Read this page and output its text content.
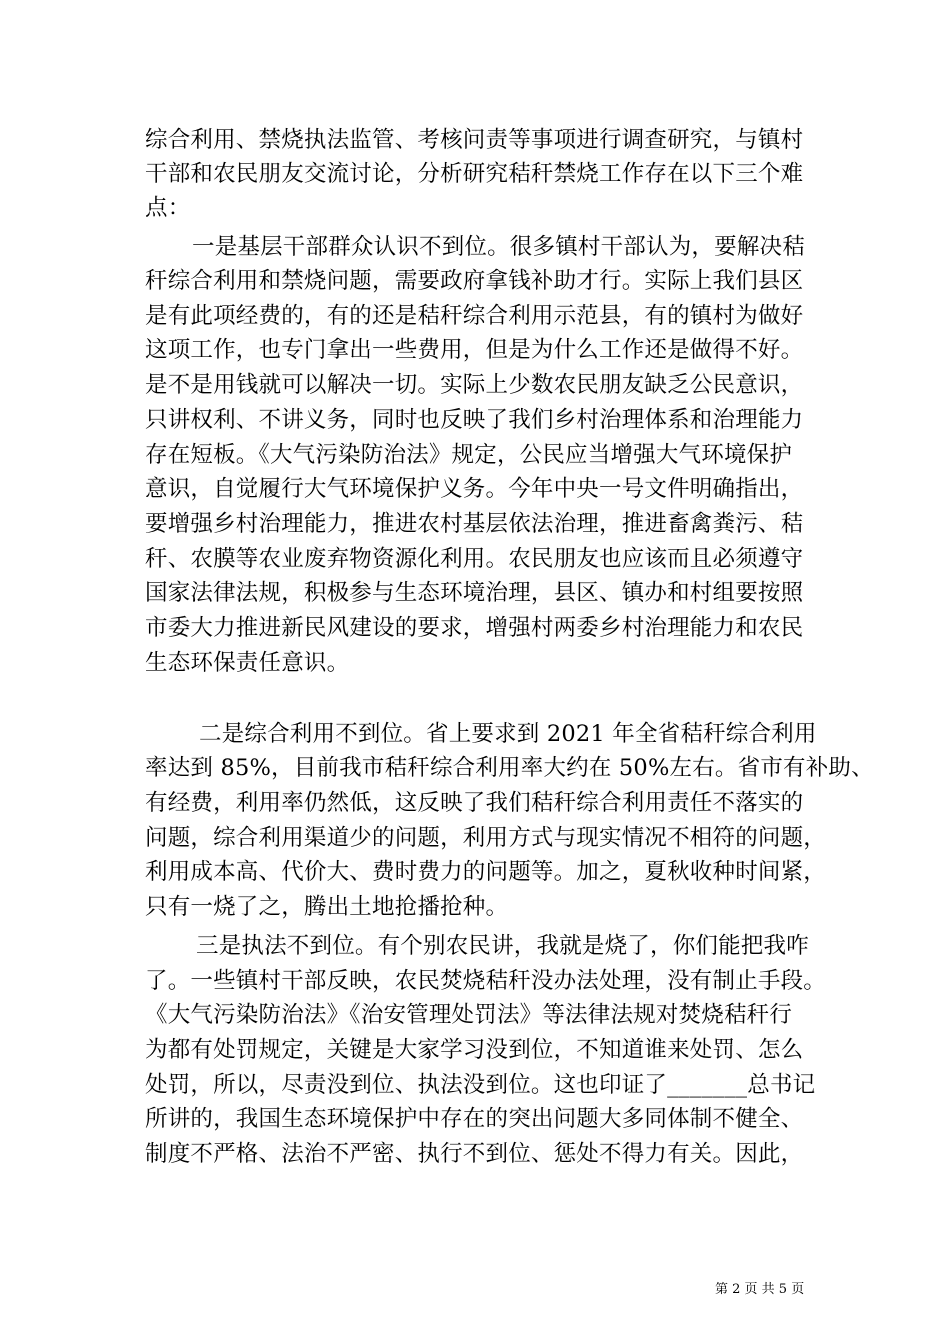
综合利用、禁烧执法监管、考核问责等事项进行调查研究，与镇村
干部和农民朋友交流讨论，分析研究秸秆禁烧工作存在以下三个难
点：
一是基层干部群众认识不到位。很多镇村干部认为，要解决秸
秆综合利用和禁烧问题，需要政府拿钱补助才行。实际上我们县区
是有此项经费的，有的还是秸秆综合利用示范县，有的镇村为做好
这项工作，也专门拿出一些费用，但是为什么工作还是做得不好。
是不是用钱就可以解决一切。实际上少数农民朋友缺乏公民意识，
只讲权利、不讲义务，同时也反映了我们乡村治理体系和治理能力
存在短板。《大气污染防治法》规定，公民应当增强大气环境保护
意识，自觉履行大气环境保护义务。今年中央一号文件明确指出，
要增强乡村治理能力，推进农村基层依法治理，推进畜禽粪污、秸
秆、农膜等农业废弃物资源化利用。农民朋友也应该而且必须遵守
国家法律法规，积极参与生态环境治理，县区、镇办和村组要按照
市委大力推进新民风建设的要求，增强村两委乡村治理能力和农民
生态环保责任意识。
二是综合利用不到位。省上要求到 2021 年全省秸秆综合利用
率达到 85%，目前我市秸秆综合利用率大约在 50%左右。省市有补助、
有经费，利用率仍然低，这反映了我们秸秆综合利用责任不落实的
问题，综合利用渠道少的问题，利用方式与现实情况不相符的问题，
利用成本高、代价大、费时费力的问题等。加之，夏秋收种时间紧，
只有一烧了之，腾出土地抢播抢种。
三是执法不到位。有个别农民讲，我就是烧了，你们能把我咋
了。一些镇村干部反映，农民焚烧秸秆没办法处理，没有制止手段。
《大气污染防治法》《治安管理处罚法》等法律法规对焚烧秸秆行
为都有处罚规定，关键是大家学习没到位，不知道谁来处罚、怎么
处罚，所以，尽责没到位、执法没到位。这也印证了_______总书记
所讲的，我国生态环境保护中存在的突出问题大多同体制不健全、
制度不严格、法治不严密、执行不到位、惩处不得力有关。因此，
第 2 页 共 5 页
